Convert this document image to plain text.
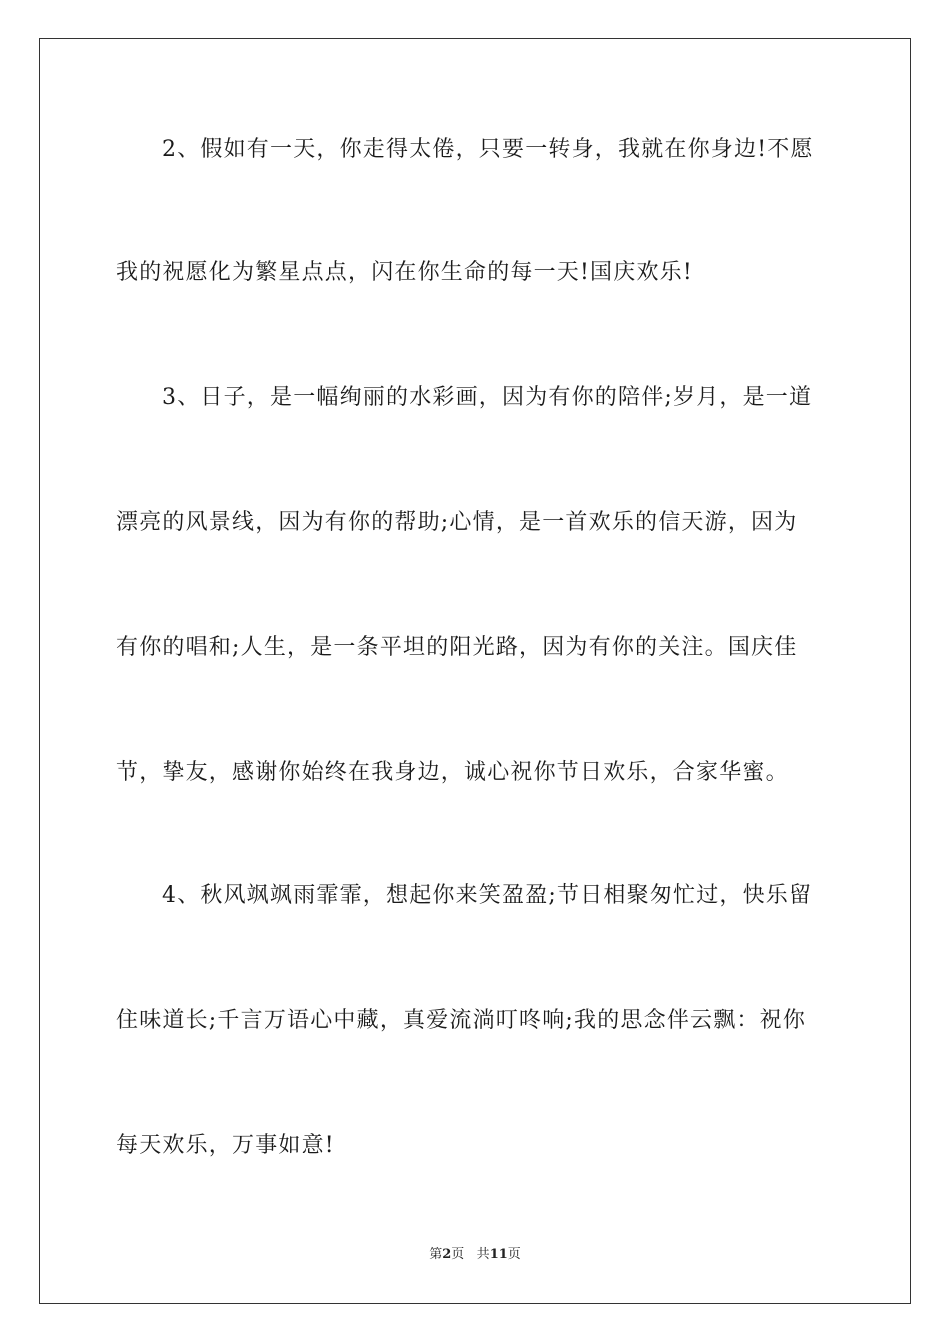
2、假如有一天，你走得太倦，只要一转身，我就在你身边!不愿
我的祝愿化为繁星点点，闪在你生命的每一天!国庆欢乐!
3、日子，是一幅绚丽的水彩画，因为有你的陪伴;岁月，是一道
漂亮的风景线，因为有你的帮助;心情，是一首欢乐的信天游，因为
有你的唱和;人生，是一条平坦的阳光路，因为有你的关注。国庆佳
节，挚友，感谢你始终在我身边，诚心祝你节日欢乐，合家华蜜。
4、秋风飒飒雨霏霏，想起你来笑盈盈;节日相聚匆忙过，快乐留
住味道长;千言万语心中藏，真爱流淌叮咚响;我的思念伴云飘：祝你
每天欢乐，万事如意!
第2页 共11页
